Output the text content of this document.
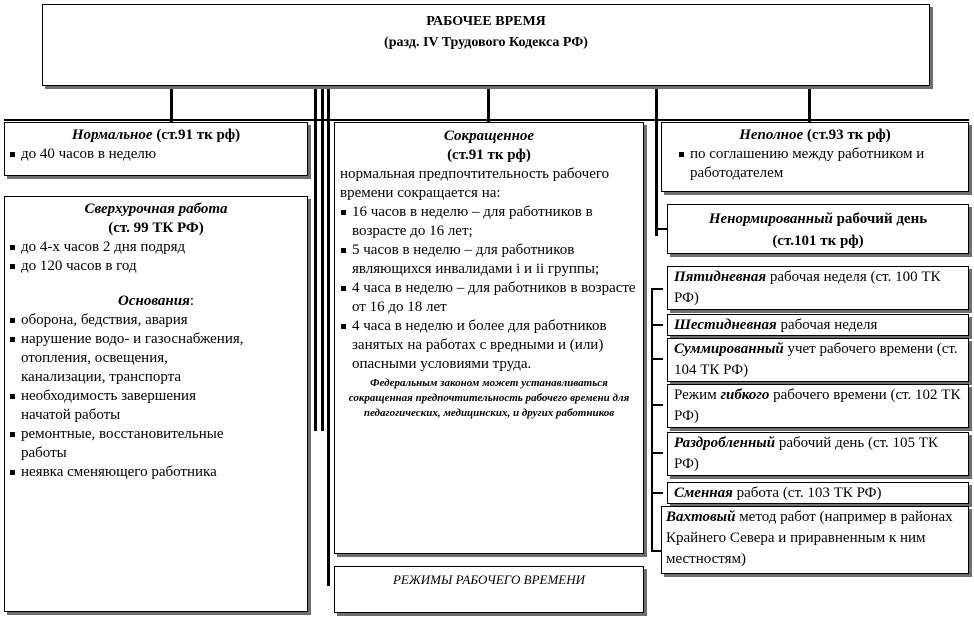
РАБОЧЕЕ ВРЕМЯ
(разд. IV Трудового Кодекса РФ)
Нормальное (ст.91 тк рф)
до 40 часов в неделю
Сверхурочная работа
(ст. 99 ТК РФ)
до 4-х часов 2 дня подряд
до 120 часов в год
Основания:
оборона, бедствия, авария
нарушение водо- и газоснабжения, отопления, освещения, канализации, транспорта
необходимость завершения начатой работы
ремонтные, восстановительные работы
неявка сменяющего работника
Сокращенное
(ст.91 тк рф)
нормальная предпочтительность рабочего времени сокращается на:
16 часов в неделю – для работников в возрасте до 16 лет;
5 часов в неделю – для работников являющихся инвалидами i и ii группы;
4 часа в неделю – для работников в возрасте от 16 до 18 лет
4 часа в неделю и более для работников занятых на работах с вредными и (или) опасными условиями труда.
Федеральным законом может устанавливаться сокращенная предпочтительность рабочего времени для педагогических, медицинских, и других работников
РЕЖИМЫ РАБОЧЕГО ВРЕМЕНИ
Неполное (ст.93 тк рф)
по соглашению между работником и работодателем
Ненормированный рабочий день
(ст.101 тк рф)
Пятидневная рабочая неделя (ст. 100 ТК РФ)
Шестидневная рабочая неделя
Суммированный учет рабочего времени (ст. 104 ТК РФ)
Режим гибкого рабочего времени (ст. 102 ТК РФ)
Раздробленный рабочий день (ст. 105 ТК РФ)
Сменная работа (ст. 103 ТК РФ)
Вахтовый метод работ (например в районах Крайнего Севера и приравненным к ним местностям)
